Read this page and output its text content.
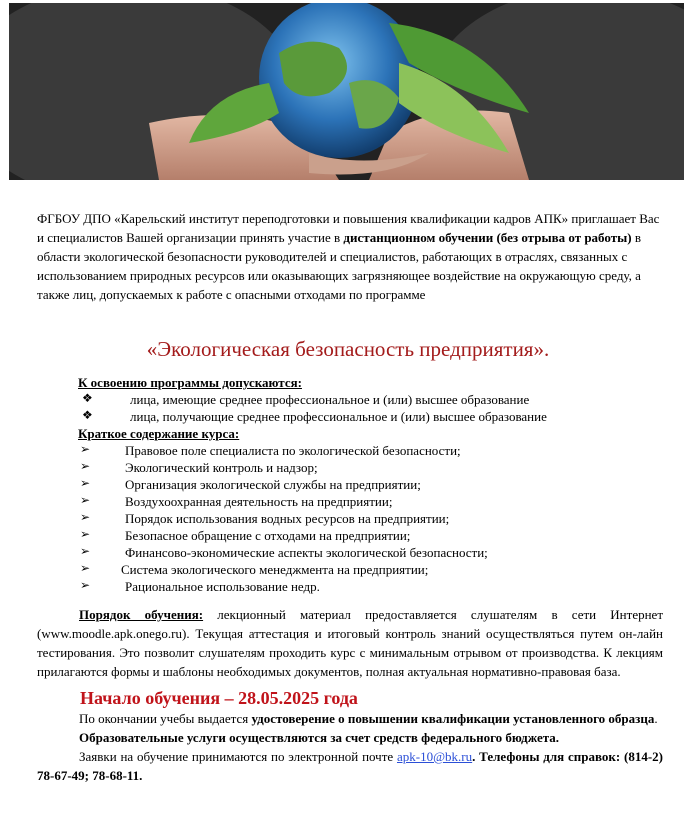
ФГБОУ ДПО «Карельский институт переподготовки и повышения квалификации кадров АПК» приглашает Вас и специалистов Вашей организации принять участие в дистанционном обучении (без отрыва от работы) в области экологической безопасности руководителей и специалистов, работающих в отраслях, связанных с использованием природных ресурсов или оказывающих загрязняющее воздействие на окружающую среду, а также лиц, допускаемых к работе с опасными отходами по программе
«Экологическая безопасность предприятия».
К освоению программы допускаются:
❖	лица, имеющие среднее профессиональное и (или) высшее образование
❖	лица, получающие среднее профессиональное и (или) высшее образование
Краткое содержание курса:
➢	Правовое поле специалиста по экологической безопасности;
➢	Экологический контроль и надзор;
➢	Организация экологической службы на предприятии;
➢	Воздухоохранная деятельность на предприятии;
➢	Порядок использования водных ресурсов на предприятии;
➢	Безопасное обращение с отходами на предприятии;
➢	Финансово-экономические аспекты экологической безопасности;
➢ Система экологического менеджмента на предприятии;
➢	Рациональное использование недр.
Порядок обучения: лекционный материал предоставляется слушателям в сети Интернет (www.moodle.apk.onego.ru). Текущая аттестация и итоговый контроль знаний осуществляться путем он-лайн тестирования. Это позволит слушателям проходить курс с минимальным отрывом от производства. К лекциям прилагаются формы и шаблоны необходимых документов, полная актуальная нормативно-правовая база.
Начало обучения – 28.05.2025 года
По окончании учебы выдается удостоверение о повышении квалификации установленного образца.
Образовательные услуги осуществляются за счет средств федерального бюджета.
Заявки на обучение принимаются по электронной почте apk-10@bk.ru. Телефоны для справок: (814-2) 78-67-49; 78-68-11.
